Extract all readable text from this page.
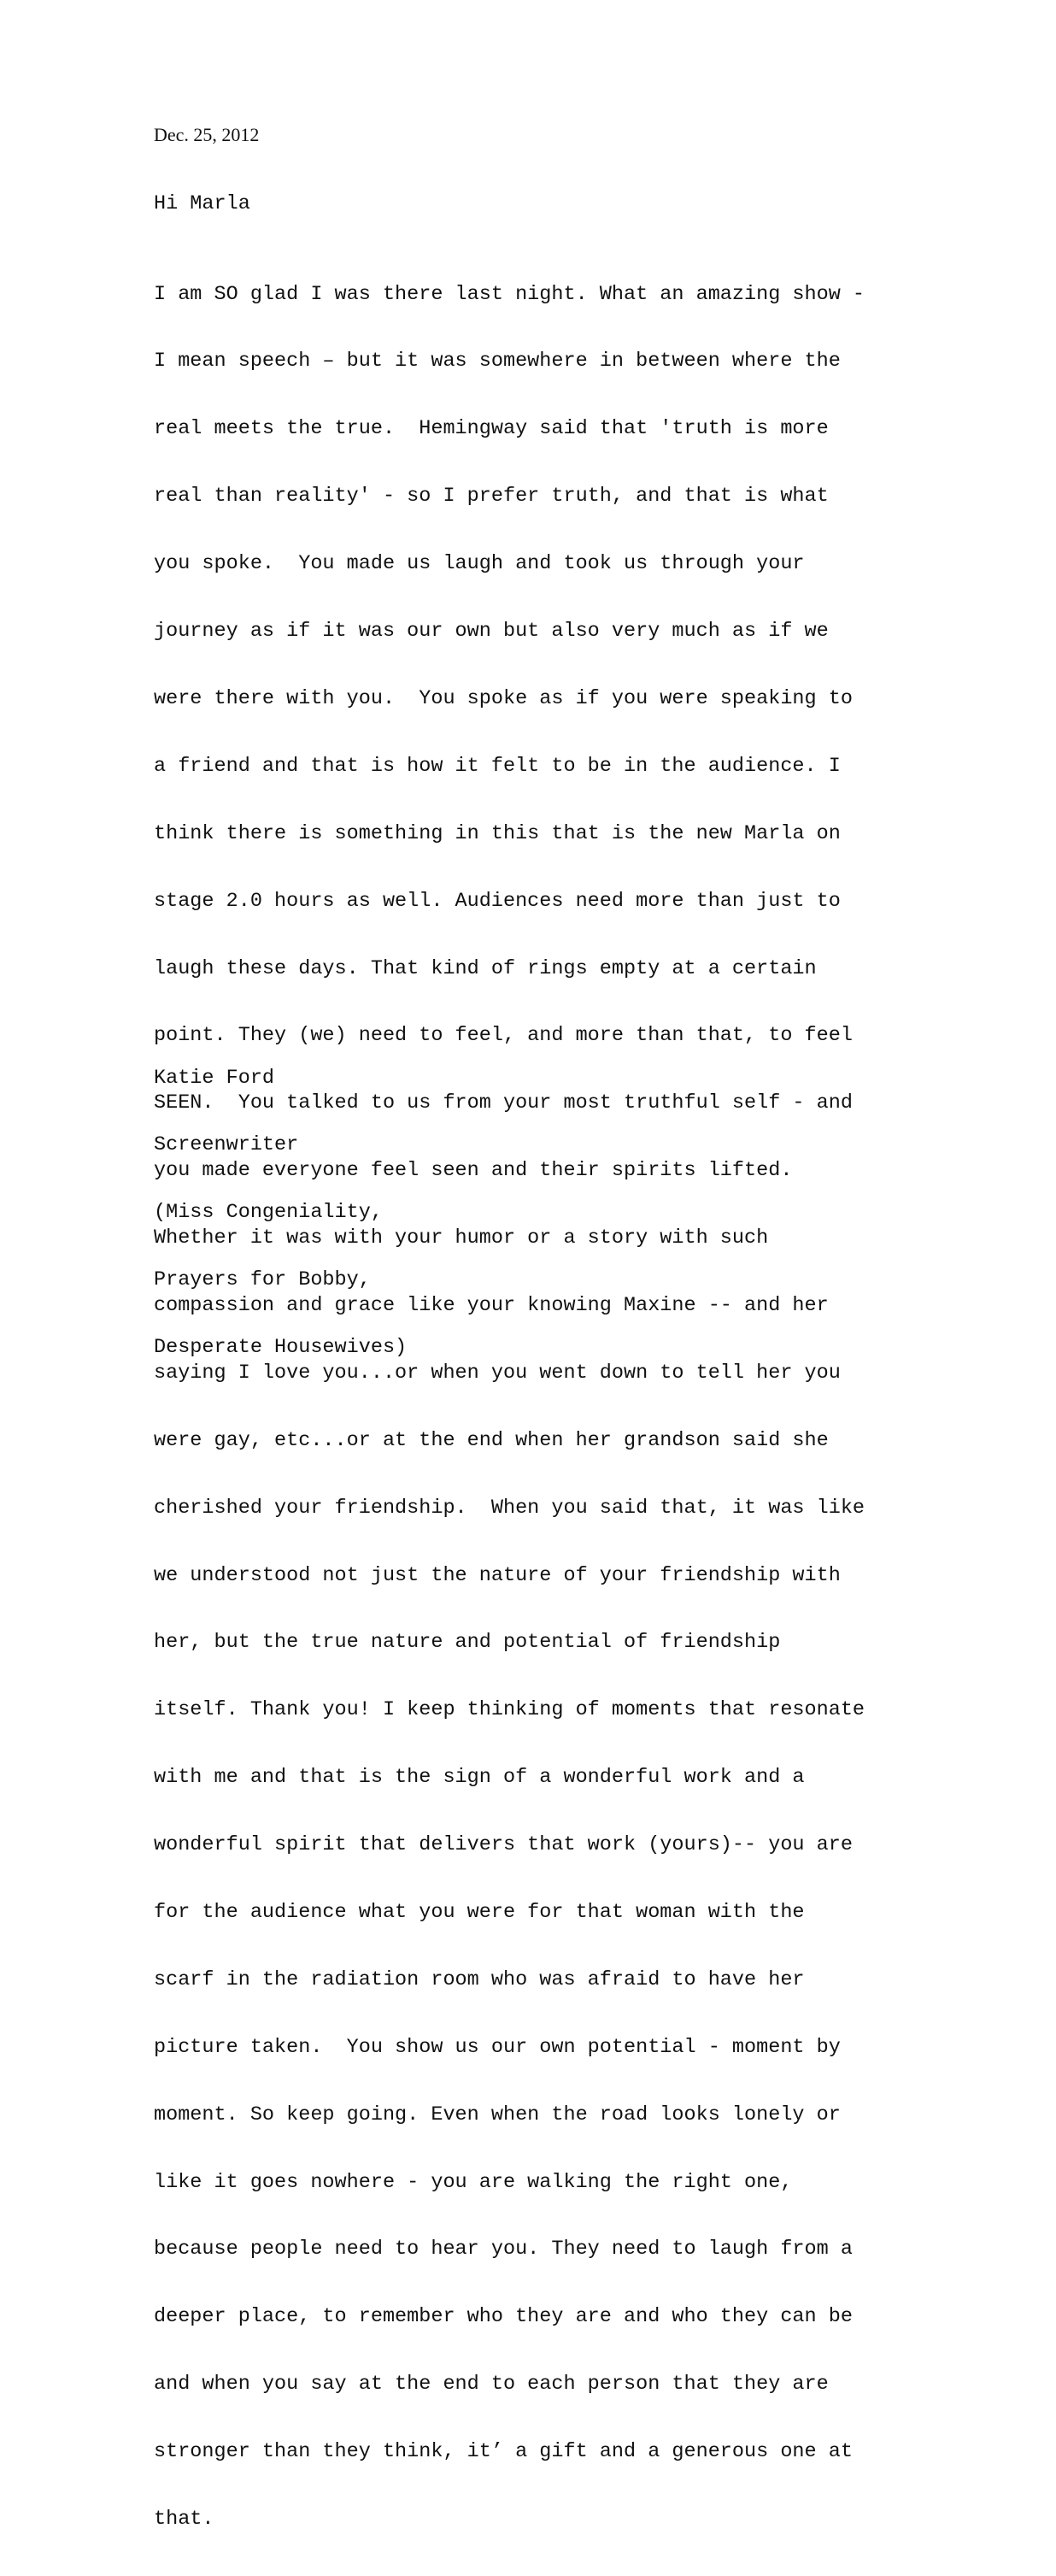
Dec. 25, 2012

Hi Marla

I am SO glad I was there last night. What an amazing show -

I mean speech – but it was somewhere in between where the

real meets the true.  Hemingway said that 'truth is more

real than reality' - so I prefer truth, and that is what

you spoke.  You made us laugh and took us through your

journey as if it was our own but also very much as if we

were there with you.  You spoke as if you were speaking to

a friend and that is how it felt to be in the audience. I

think there is something in this that is the new Marla on

stage 2.0 hours as well. Audiences need more than just to

laugh these days. That kind of rings empty at a certain

point. They (we) need to feel, and more than that, to feel

SEEN.  You talked to us from your most truthful self - and

you made everyone feel seen and their spirits lifted.

Whether it was with your humor or a story with such

compassion and grace like your knowing Maxine -- and her

saying I love you...or when you went down to tell her you

were gay, etc...or at the end when her grandson said she

cherished your friendship.  When you said that, it was like

we understood not just the nature of your friendship with

her, but the true nature and potential of friendship

itself. Thank you! I keep thinking of moments that resonate

with me and that is the sign of a wonderful work and a

wonderful spirit that delivers that work (yours)-- you are

for the audience what you were for that woman with the

scarf in the radiation room who was afraid to have her

picture taken.  You show us our own potential - moment by

moment. So keep going. Even when the road looks lonely or

like it goes nowhere - you are walking the right one,

because people need to hear you. They need to laugh from a

deeper place, to remember who they are and who they can be

and when you say at the end to each person that they are

stronger than they think, it’ a gift and a generous one at

that.

Katie Ford

Screenwriter

(Miss Congeniality,

Prayers for Bobby,

Desperate Housewives)
